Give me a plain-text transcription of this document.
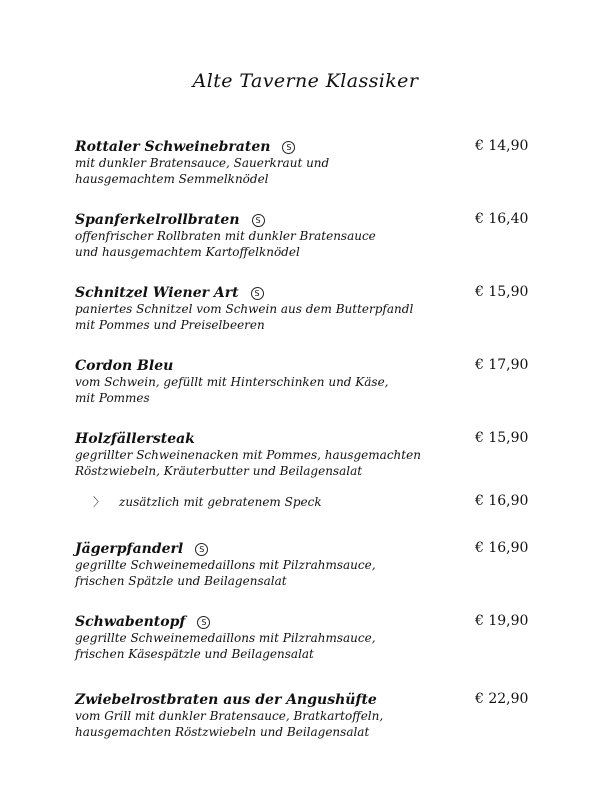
Alte Taverne Klassiker
Rottaler Schweinebraten S	€ 14,90
mit dunkler Bratensauce, Sauerkraut und
hausgemachtem Semmelknödel
Spanferkelrollbraten S	€ 16,40
offenfrischer Rollbraten mit dunkler Bratensauce
und hausgemachtem Kartoffelknödel
Schnitzel Wiener Art S	€ 15,90
paniertes Schnitzel vom Schwein aus dem Butterpfandl
mit Pommes und Preiselbeeren
Cordon Bleu	€ 17,90
vom Schwein, gefüllt mit Hinterschinken und Käse,
mit Pommes
Holzfällersteak	€ 15,90
gegrillter Schweinenacken mit Pommes, hausgemachten
Röstzwiebeln, Kräuterbutter und Beilagensalat
〉 zusätzlich mit gebratenem Speck	€ 16,90
Jägerpfanderl S	€ 16,90
gegrillte Schweinemedaillons mit Pilzrahmsauce,
frischen Spätzle und Beilagensalat
Schwabentopf S	€ 19,90
gegrillte Schweinemedaillons mit Pilzrahmsauce,
frischen Käsespätzle und Beilagensalat
Zwiebelrostbraten aus der Angushüfte	€ 22,90
vom Grill mit dunkler Bratensauce, Bratkartoffeln,
hausgemachten Röstzwiebeln und Beilagensalat
